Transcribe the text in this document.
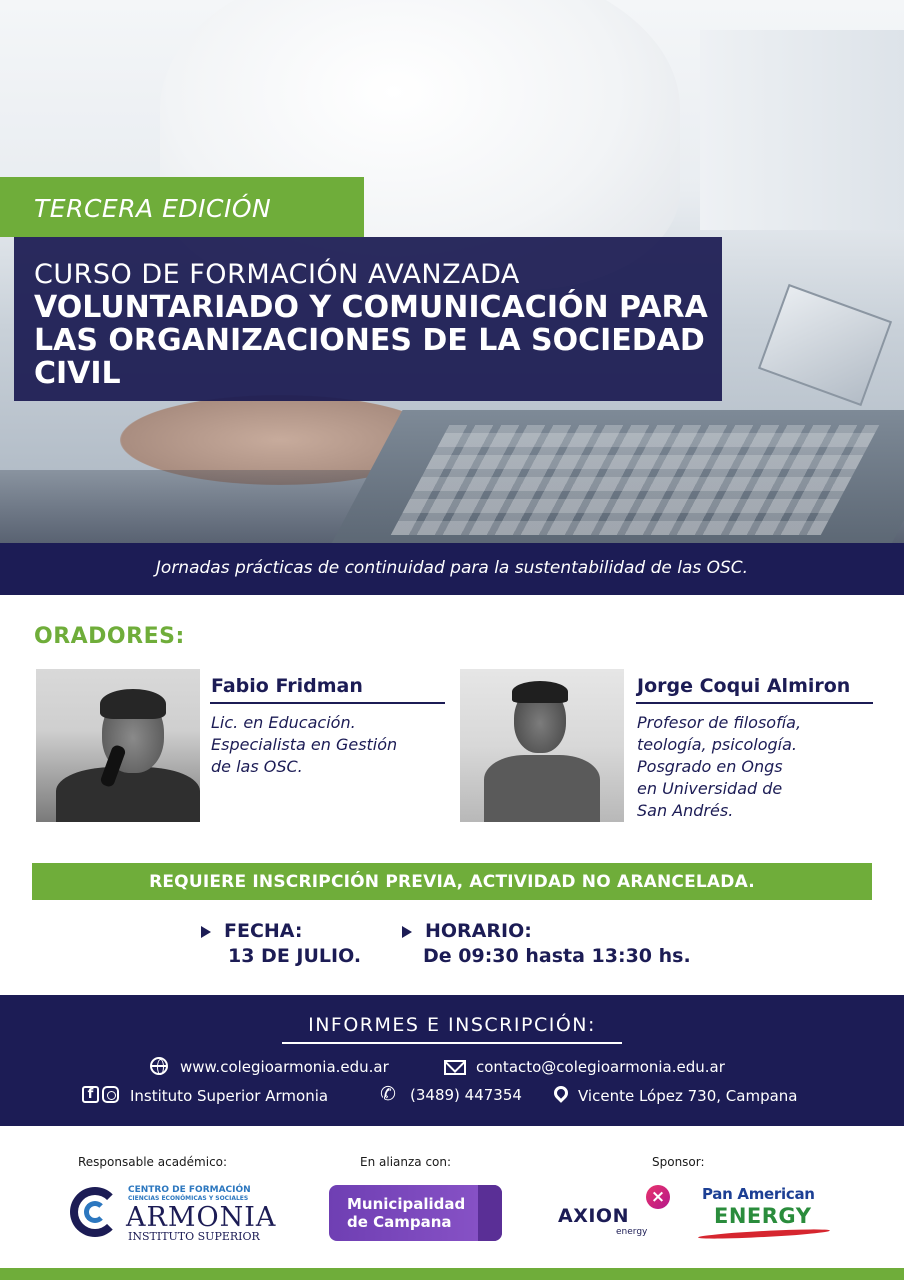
TERCERA EDICIÓN
CURSO DE FORMACIÓN AVANZADA
VOLUNTARIADO Y COMUNICACIÓN PARA LAS ORGANIZACIONES DE LA SOCIEDAD CIVIL
Jornadas prácticas de continuidad para la sustentabilidad de las OSC.
ORADORES:
Fabio Fridman
Lic. en Educación.
Especialista en Gestión
de las OSC.
Jorge Coqui Almiron
Profesor de filosofía,
teología, psicología.
Posgrado en Ongs
en Universidad de
San Andrés.
REQUIERE INSCRIPCIÓN PREVIA, ACTIVIDAD NO ARANCELADA.
FECHA:
13 DE JULIO.
HORARIO:
De 09:30 hasta 13:30 hs.
INFORMES E INSCRIPCIÓN:
www.colegioarmonia.edu.ar	contacto@colegioarmonia.edu.ar
f	Instituto Superior Armonia	✆ (3489) 447354	Vicente López 730, Campana
Responsable académico:	En alianza con:	Sponsor:
CENTRO DE FORMACIÓN
CIENCIAS ECONÓMICAS Y SOCIALES
ARMONIA
INSTITUTO SUPERIOR
Municipalidad
de Campana	AXION
energy
×	Pan American
ENERGY
